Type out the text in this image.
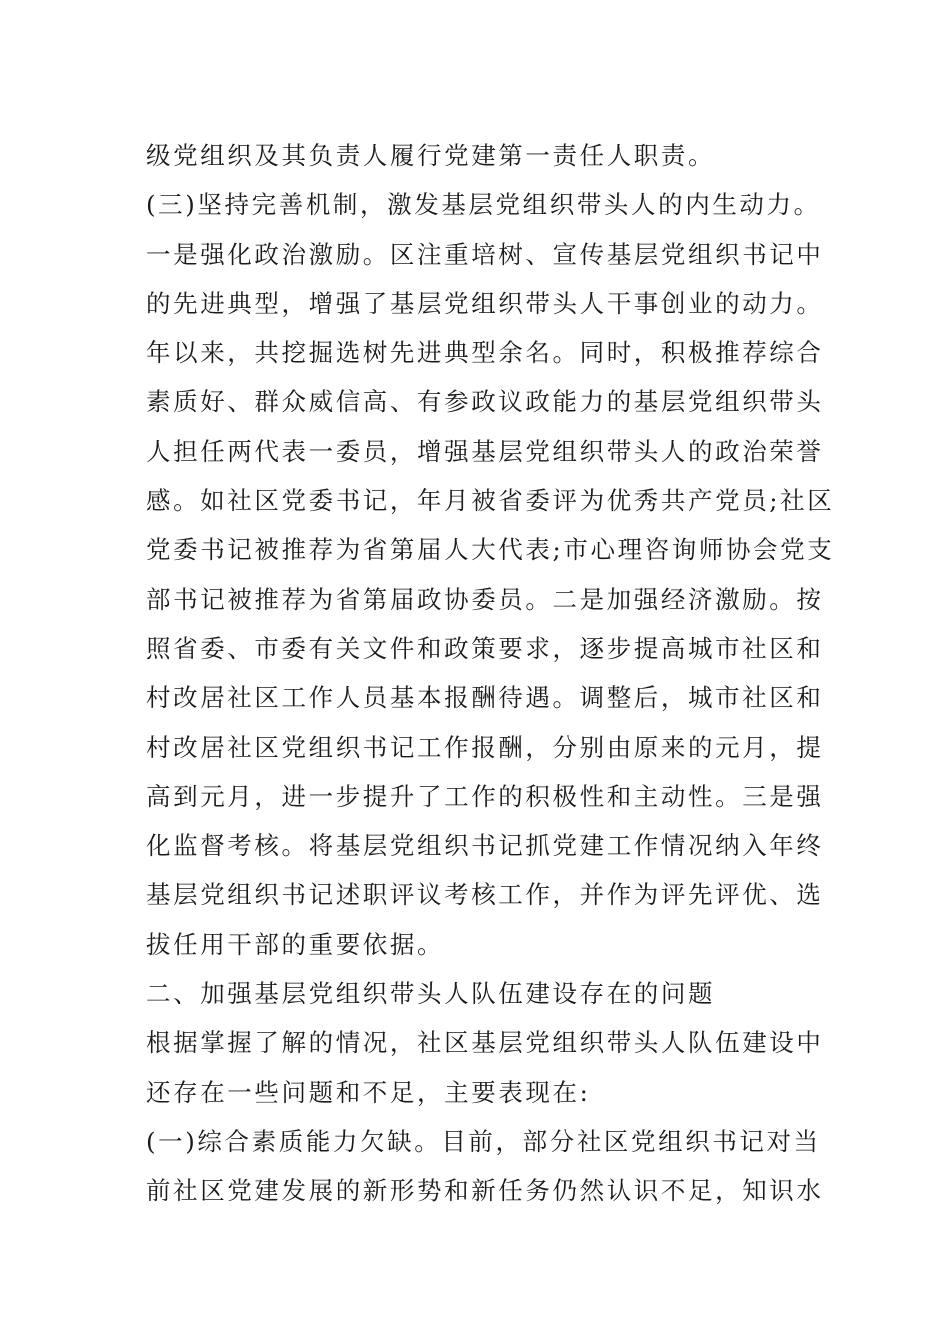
级党组织及其负责人履行党建第一责任人职责。
(三)坚持完善机制，激发基层党组织带头人的内生动力。
一是强化政治激励。区注重培树、宣传基层党组织书记中
的先进典型，增强了基层党组织带头人干事创业的动力。
年以来，共挖掘选树先进典型余名。同时，积极推荐综合
素质好、群众威信高、有参政议政能力的基层党组织带头
人担任两代表一委员，增强基层党组织带头人的政治荣誉
感。如社区党委书记，年月被省委评为优秀共产党员;社区
党委书记被推荐为省第届人大代表;市心理咨询师协会党支
部书记被推荐为省第届政协委员。二是加强经济激励。按
照省委、市委有关文件和政策要求，逐步提高城市社区和
村改居社区工作人员基本报酬待遇。调整后，城市社区和
村改居社区党组织书记工作报酬，分别由原来的元月，提
高到元月，进一步提升了工作的积极性和主动性。三是强
化监督考核。将基层党组织书记抓党建工作情况纳入年终
基层党组织书记述职评议考核工作，并作为评先评优、选
拔任用干部的重要依据。
二、加强基层党组织带头人队伍建设存在的问题
根据掌握了解的情况，社区基层党组织带头人队伍建设中
还存在一些问题和不足，主要表现在:
(一)综合素质能力欠缺。目前，部分社区党组织书记对当
前社区党建发展的新形势和新任务仍然认识不足，知识水
